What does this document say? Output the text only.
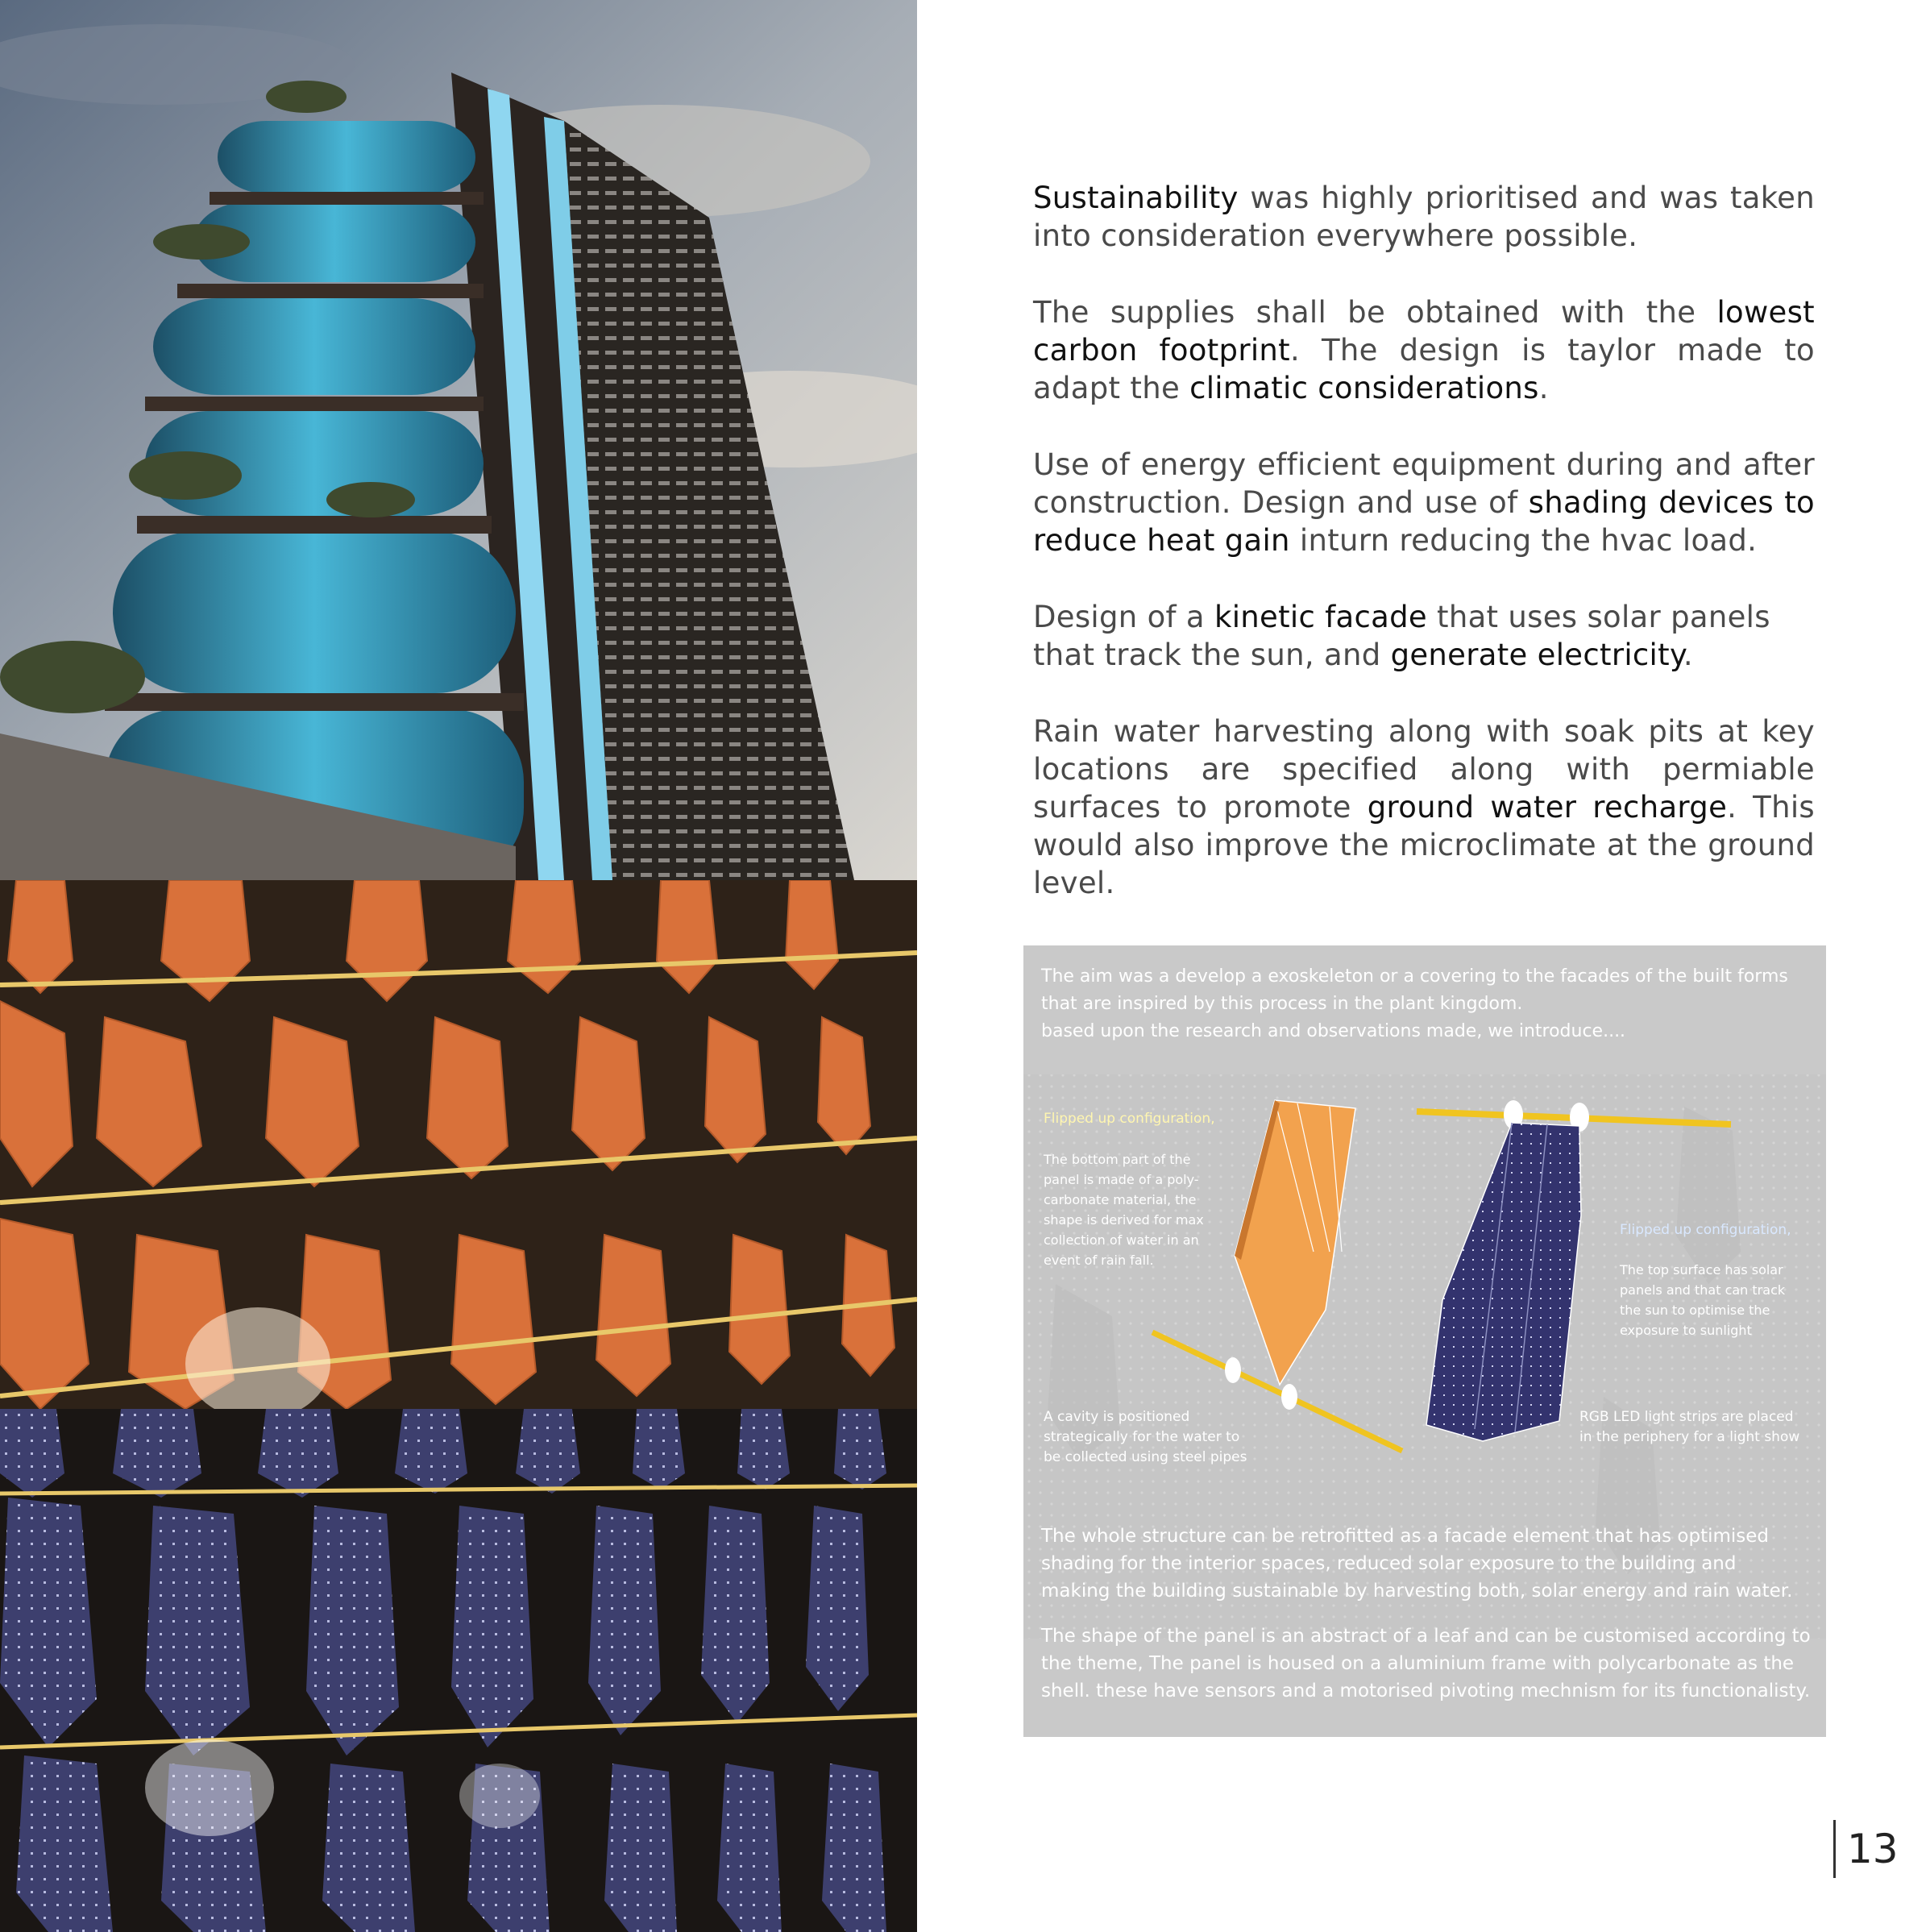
Sustainability was highly prioritised and was taken into consideration everywhere possible.

The supplies shall be obtained with the lowest carbon footprint. The design is taylor made to adapt the climatic considerations.

Use of energy efficient equipment during and after construction. Design and use of shading devices to reduce heat gain inturn reducing the hvac load.

Design of a kinetic facade that uses solar panels that track the sun, and generate electricity.

Rain water harvesting along with soak pits at key locations are specified along with permiable surfaces to promote ground water recharge. This would also improve the microclimate at the ground level.

The aim was a develop a exoskeleton or a covering to the facades of the built forms
that are inspired by this process in the plant kingdom.
based upon the research and observations made, we introduce....
Flipped up configuration,
The bottom part of the panel is made of a poly-carbonate material, the shape is derived for max collection of water in an event of rain fall.
Flipped up configuration,
The top surface has solar panels and that can track the sun to optimise the exposure to sunlight
A cavity is positioned strategically for the water to be collected using steel pipes
RGB LED light strips are placed in the periphery for a light show
The whole structure can be retrofitted as a facade element that has optimised shading for the interior spaces, reduced solar exposure to the building and making the building sustainable by harvesting both, solar energy and rain water.
The shape of the panel is an abstract of a leaf and can be customised according to the theme, The panel is housed on a aluminium frame with polycarbonate as the shell. these have sensors and a motorised pivoting mechnism for its functionalisty.
13
